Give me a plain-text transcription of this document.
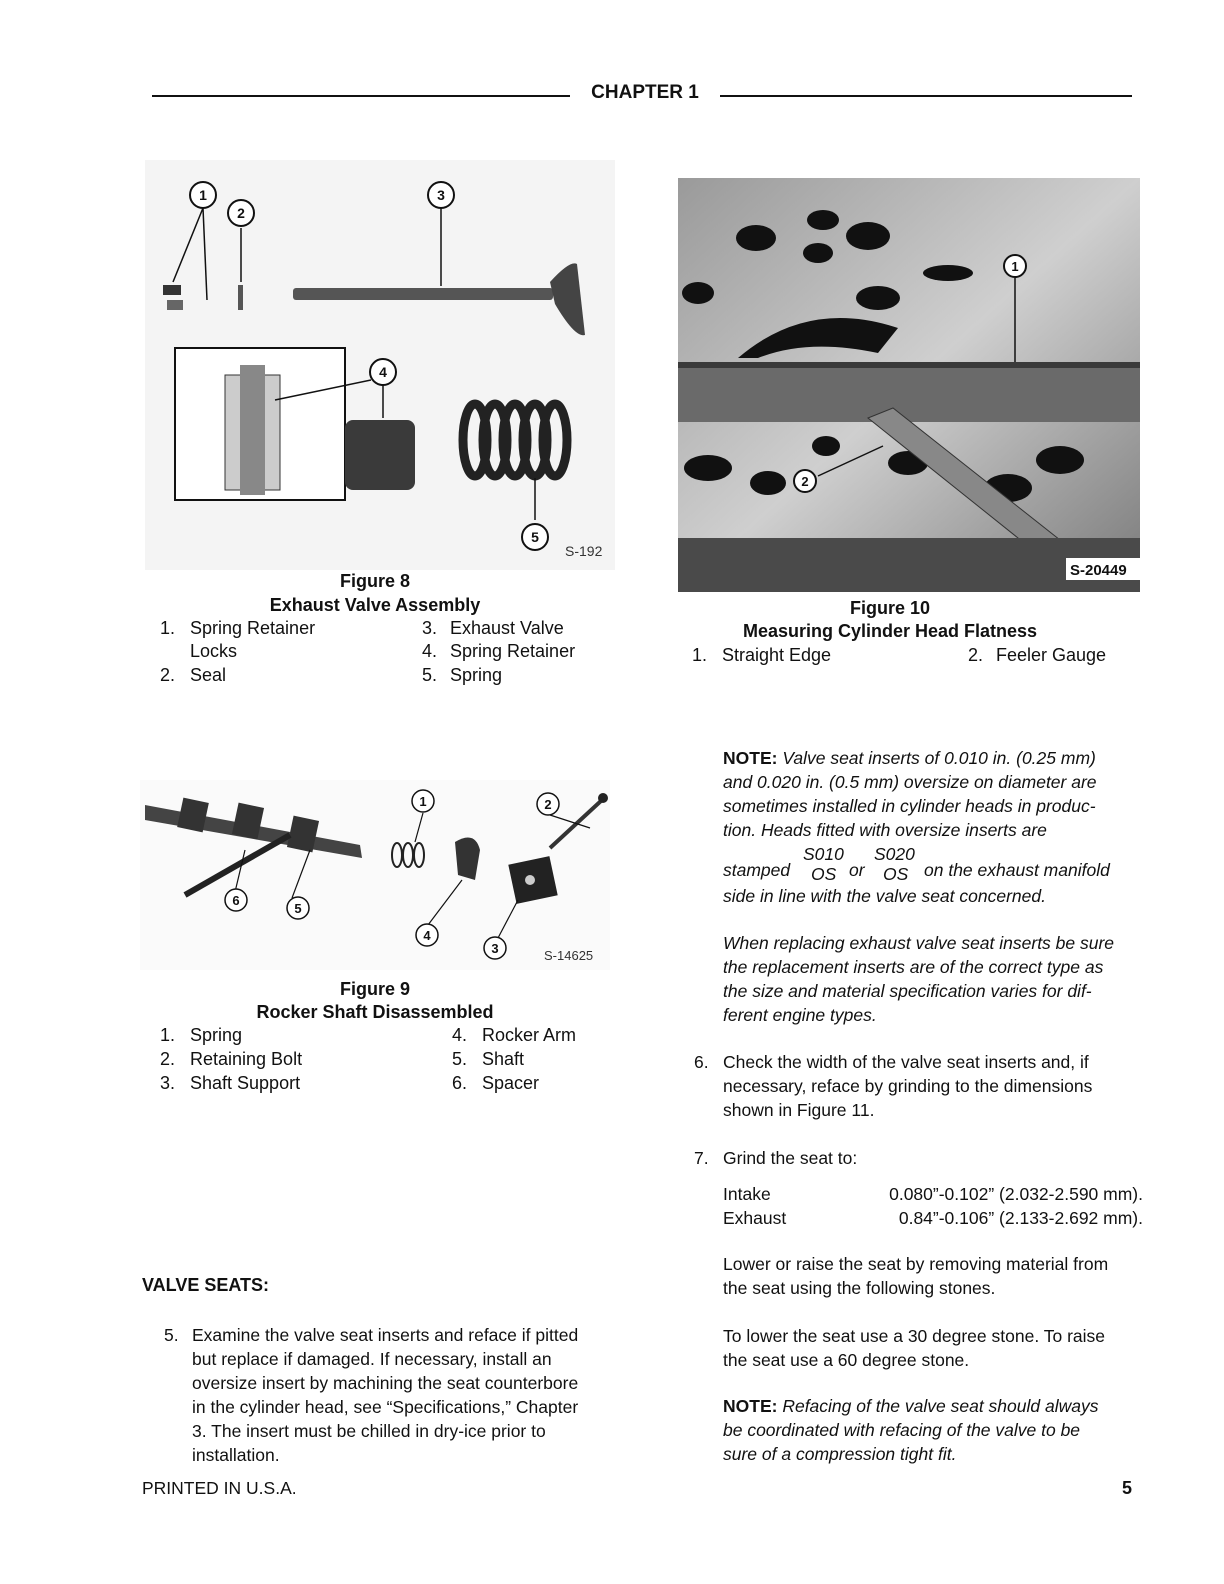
CHAPTER 1
1
2
3
4
5
S-192
Figure 8
Exhaust Valve Assembly
1. Spring Retainer
Locks
2. Seal
3. Exhaust Valve
4. Spring Retainer
5. Spring
1
2
S-20449
Figure 10
Measuring Cylinder Head Flatness
1. Straight Edge	2. Feeler Gauge
1	2
3
4
5
6
S-14625
Figure 9
Rocker Shaft Disassembled
1. Spring
2. Retaining Bolt
3. Shaft Support
4. Rocker Arm
5. Shaft
6. Spacer
VALVE SEATS:
5. Examine the valve seat inserts and reface if pitted
but replace if damaged. If necessary, install an
oversize insert by machining the seat counterbore
in the cylinder head, see “Specifications,” Chapter
3. The insert must be chilled in dry-ice prior to
installation.
NOTE: Valve seat inserts of 0.010 in. (0.25 mm)
and 0.020 in. (0.5 mm) oversize on diameter are
sometimes installed in cylinder heads in produc-
tion. Heads fitted with oversize inserts are
stamped
S010
OS or
S020
OS on the exhaust manifold
side in line with the valve seat concerned.
When replacing exhaust valve seat inserts be sure
the replacement inserts are of the correct type as
the size and material specification varies for dif-
ferent engine types.
6. Check the width of the valve seat inserts and, if
necessary, reface by grinding to the dimensions
shown in Figure 11.
7. Grind the seat to:
Intake	0.080”-0.102” (2.032-2.590 mm).
Exhaust	0.84”-0.106” (2.133-2.692 mm).
Lower or raise the seat by removing material from
the seat using the following stones.
To lower the seat use a 30 degree stone. To raise
the seat use a 60 degree stone.
NOTE: Refacing of the valve seat should always
be coordinated with refacing of the valve to be
sure of a compression tight fit.
PRINTED IN U.S.A.	5
